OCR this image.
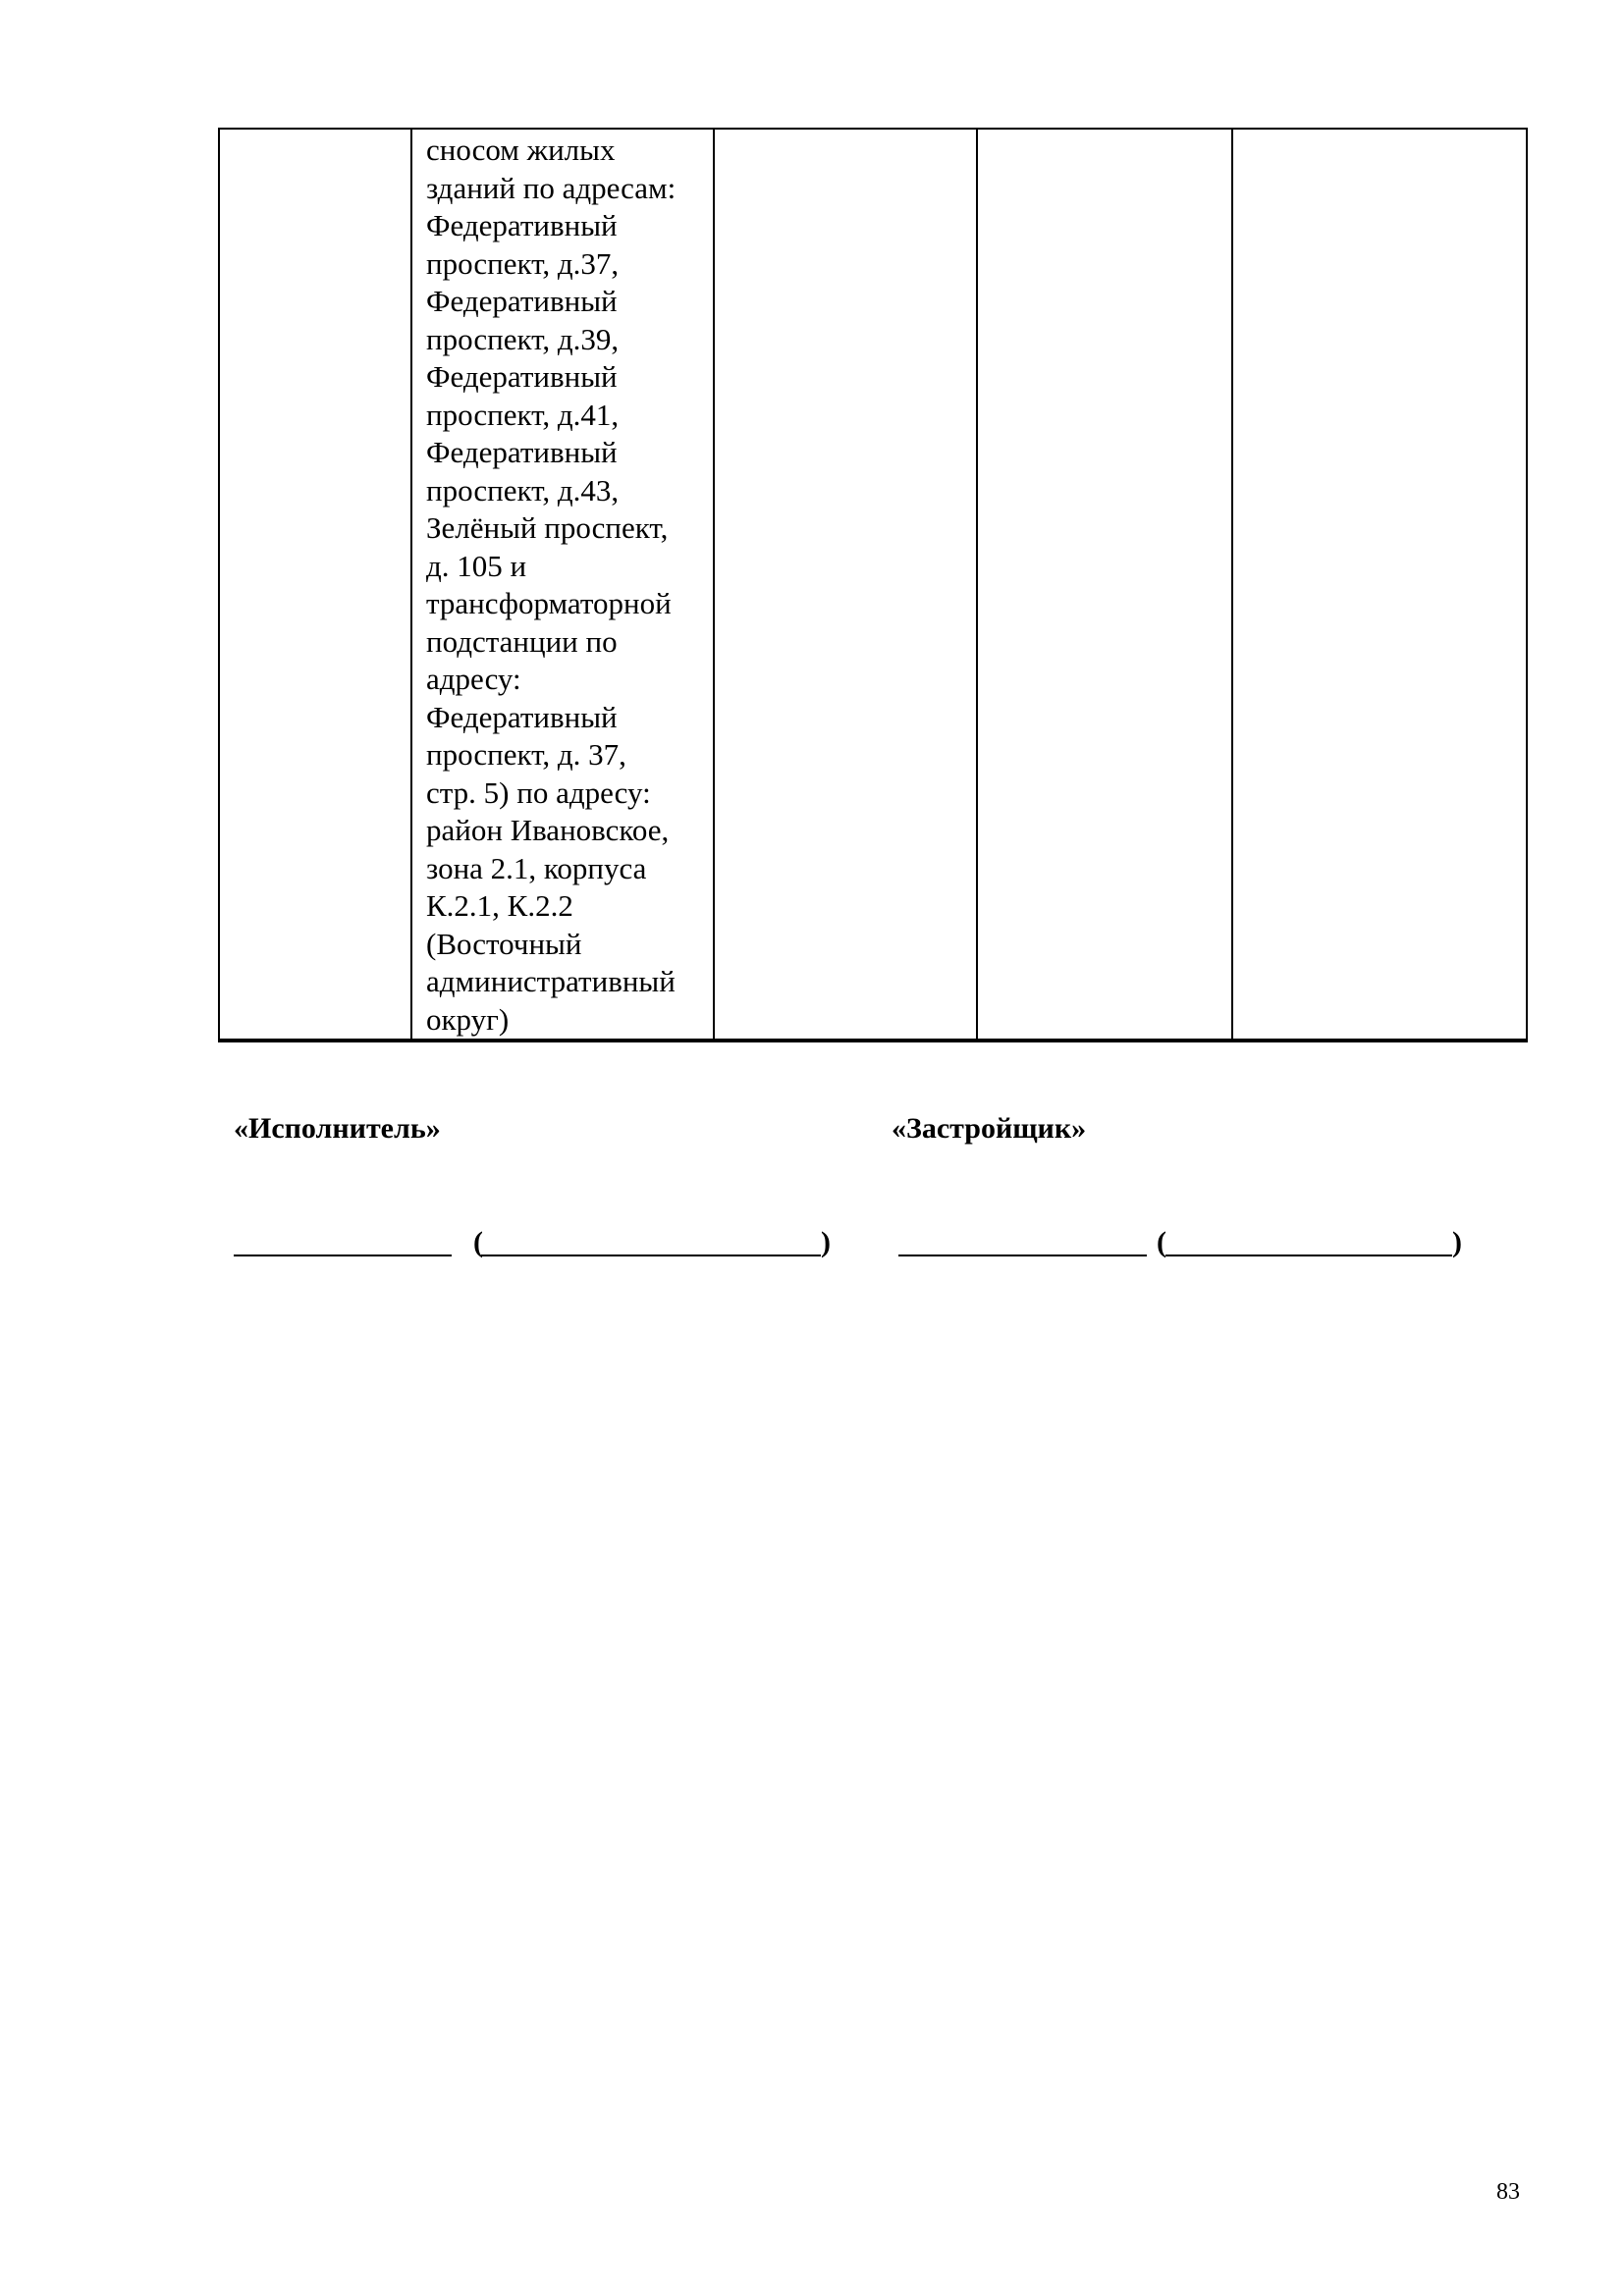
сносом жилых
зданий по адресам:
Федеративный
проспект, д.37,
Федеративный
проспект, д.39,
Федеративный
проспект, д.41,
Федеративный
проспект, д.43,
Зелёный проспект,
д. 105 и
трансформаторной
подстанции по
адресу:
Федеративный
проспект, д. 37,
стр. 5) по адресу:
район Ивановское,
зона 2.1, корпуса
К.2.1, К.2.2
(Восточный
административный
округ)

«Исполнитель»	«Застройщик»
(	)	(	)
83
